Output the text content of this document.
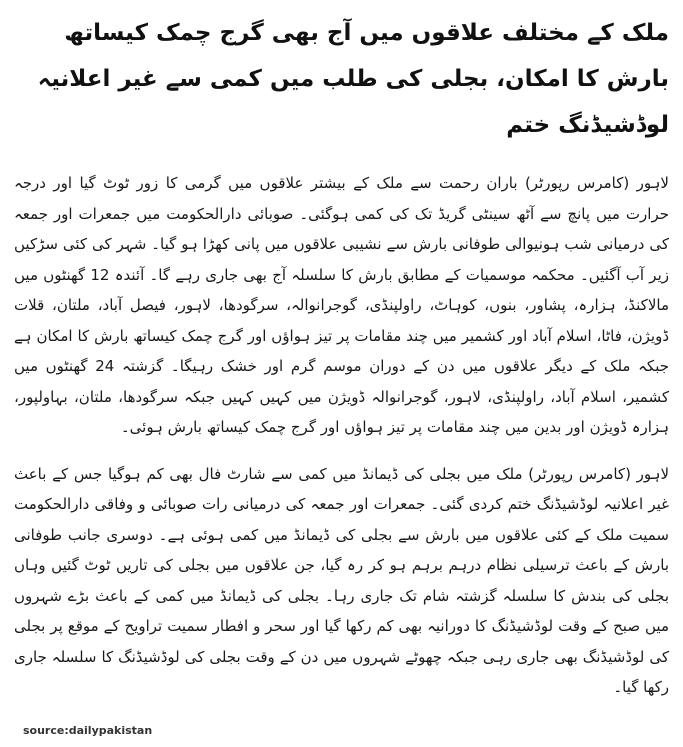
ملک کے مختلف علاقوں میں آج بھی گرج چمک کیساتھ بارش کا امکان، بجلی کی طلب میں کمی سے غیر اعلانیہ لوڈشیڈنگ ختم

لاہور (کامرس رپورٹر) باران رحمت سے ملک کے بیشتر علاقوں میں گرمی کا زور ٹوٹ گیا اور درجہ حرارت میں پانچ سے آٹھ سینٹی گریڈ تک کی کمی ہوگئی۔ صوبائی دارالحکومت میں جمعرات اور جمعہ کی درمیانی شب ہونیوالی طوفانی بارش سے نشیبی علاقوں میں پانی کھڑا ہو گیا۔ شہر کی کئی سڑکیں زیر آب آگئیں۔ محکمہ موسمیات کے مطابق بارش کا سلسلہ آج بھی جاری رہے گا۔ آئندہ 12 گھنٹوں میں مالاکنڈ، ہزارہ، پشاور، بنوں، کوہاٹ، راولپنڈی، گوجرانوالہ، سرگودھا، لاہور، فیصل آباد، ملتان، قلات ڈویژن، فاٹا، اسلام آباد اور کشمیر میں چند مقامات پر تیز ہواؤں اور گرج چمک کیساتھ بارش کا امکان ہے جبکہ ملک کے دیگر علاقوں میں دن کے دوران موسم گرم اور خشک رہیگا۔ گزشتہ 24 گھنٹوں میں کشمیر، اسلام آباد، راولپنڈی، لاہور، گوجرانوالہ ڈویژن میں کہیں کہیں جبکہ سرگودھا، ملتان، بہاولپور، ہزارہ ڈویژن اور بدین میں چند مقامات پر تیز ہواؤں اور گرج چمک کیساتھ بارش ہوئی۔

لاہور (کامرس رپورٹر) ملک میں بجلی کی ڈیمانڈ میں کمی سے شارٹ فال بھی کم ہوگیا جس کے باعث غیر اعلانیہ لوڈشیڈنگ ختم کردی گئی۔ جمعرات اور جمعہ کی درمیانی رات صوبائی و وفاقی دارالحکومت سمیت ملک کے کئی علاقوں میں بارش سے بجلی کی ڈیمانڈ میں کمی ہوئی ہے۔ دوسری جانب طوفانی بارش کے باعث ترسیلی نظام درہم برہم ہو کر رہ گیا، جن علاقوں میں بجلی کی تاریں ٹوٹ گئیں وہاں بجلی کی بندش کا سلسلہ گزشتہ شام تک جاری رہا۔ بجلی کی ڈیمانڈ میں کمی کے باعث بڑے شہروں میں صبح کے وقت لوڈشیڈنگ کا دورانیہ بھی کم رکھا گیا اور سحر و افطار سمیت تراویح کے موقع پر بجلی کی لوڈشیڈنگ بھی جاری رہی جبکہ چھوٹے شہروں میں دن کے وقت بجلی کی لوڈشیڈنگ کا سلسلہ جاری رکھا گیا۔

source:dailypakistan
